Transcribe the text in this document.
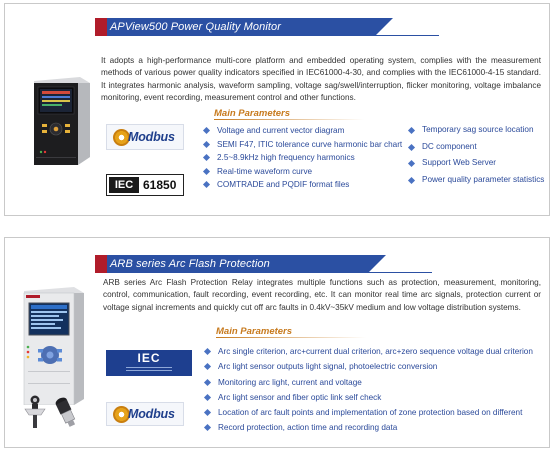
APView500 Power Quality Monitor

It adopts a high-performance multi-core platform and embedded operating system, complies with the measurement methods of various power quality indicators specified in IEC61000-4-30, and complies with the IEC61000-4-15 standard. It integrates harmonic analysis, waveform sampling, voltage sag/swell/interruption, flicker monitoring, voltage imbalance monitoring, event recording, measurement control and other functions.

Main Parameters
Modbus
IEC 61850
Voltage and current vector diagram
SEMI F47, ITIC tolerance curve harmonic bar chart
2.5~8.9kHz high frequency harmonics
Real-time waveform curve
COMTRADE and PQDIF format files
Temporary sag source location
DC component
Support Web Server
Power quality parameter statistics
ARB series Arc Flash Protection

ARB series Arc Flash Protection Relay integrates multiple functions such as protection, measurement, monitoring, control, communication, fault recording, event recording, etc. It can monitor real time arc signals, protection current or voltage signal increments and quickly cut off arc faults in 0.4kV~35kV medium and low voltage distribution systems.

Main Parameters
IEC
Modbus
Arc single criterion, arc+current dual criterion, arc+zero sequence voltage dual criterion
Arc light sensor outputs light signal, photoelectric conversion
Monitoring arc light, current and voltage
Arc light sensor and fiber optic link self check
Location of arc fault points and implementation of zone protection based on different
Record protection, action time and recording data
